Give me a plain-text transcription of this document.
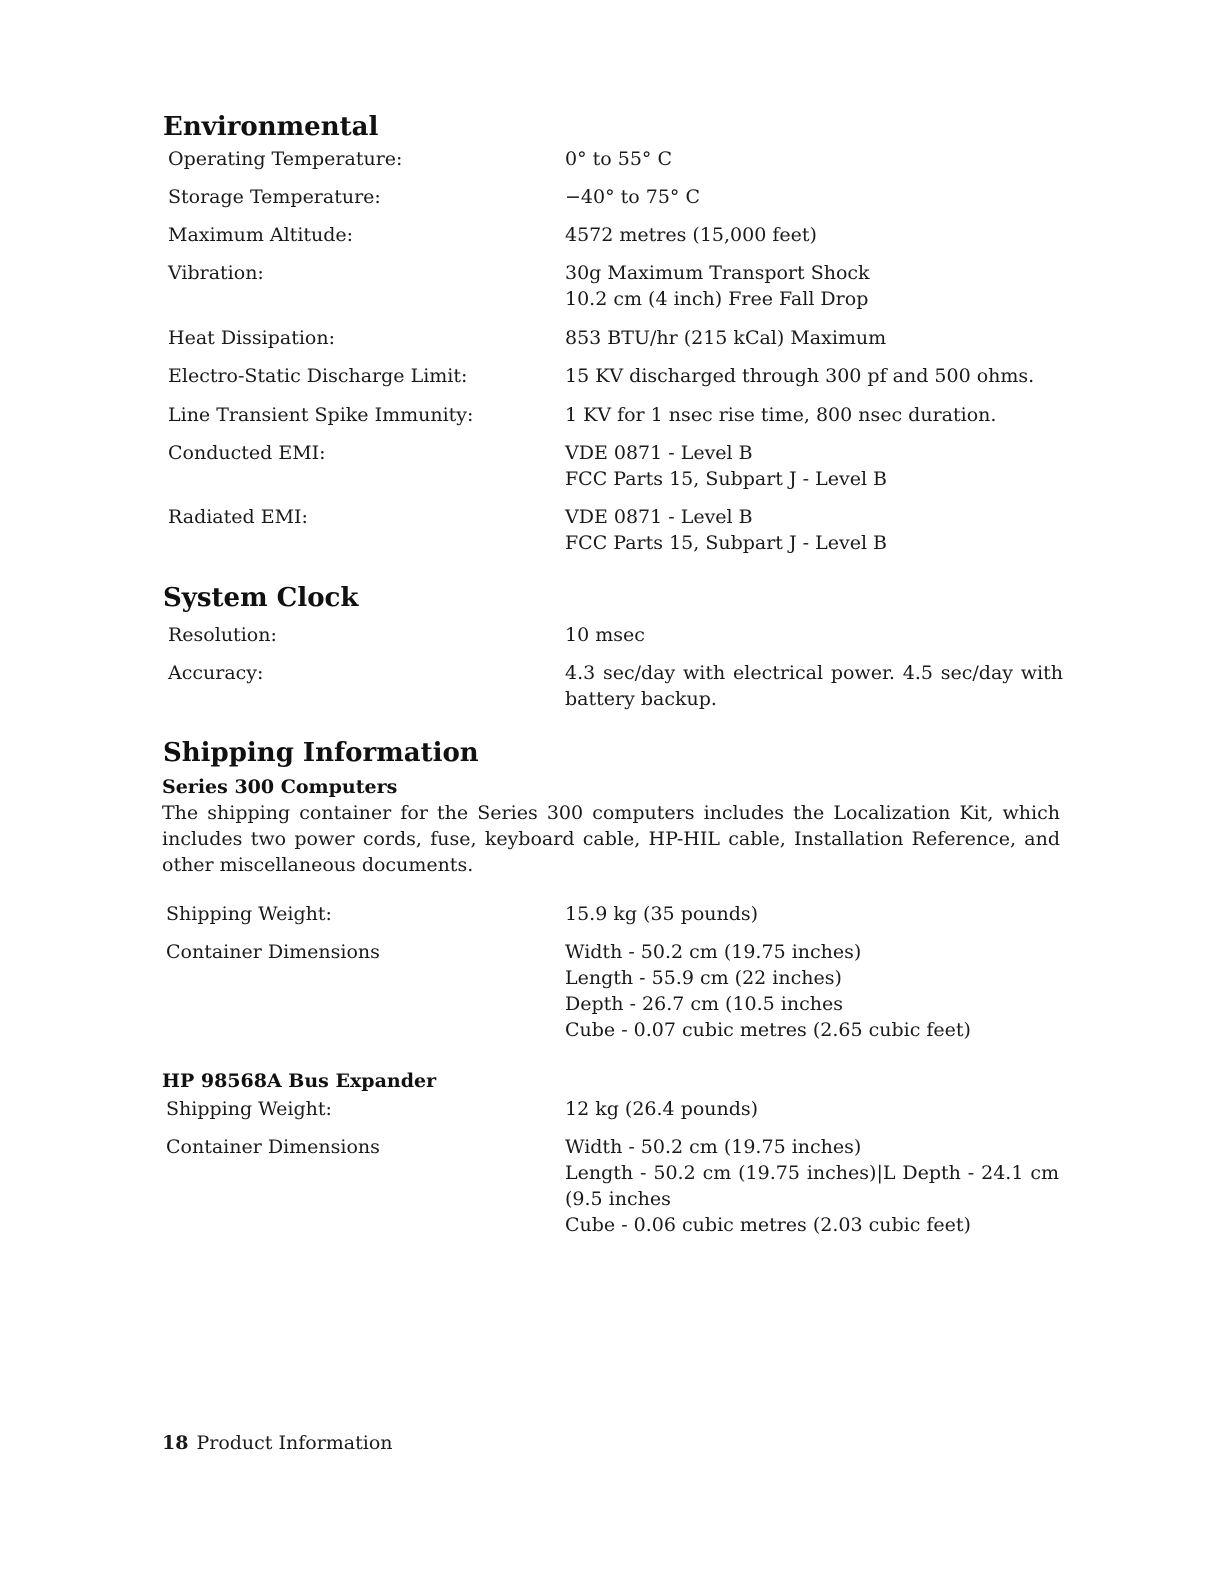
Environmental
Operating Temperature:	0° to 55° C
Storage Temperature:	−40° to 75° C
Maximum Altitude:	4572 metres (15,000 feet)
Vibration:	30g Maximum Transport Shock
10.2 cm (4 inch) Free Fall Drop
Heat Dissipation:	853 BTU/hr (215 kCal) Maximum
Electro-Static Discharge Limit:	15 KV discharged through 300 pf and 500 ohms.
Line Transient Spike Immunity:	1 KV for 1 nsec rise time, 800 nsec duration.
Conducted EMI:	VDE 0871 - Level B
FCC Parts 15, Subpart J - Level B
Radiated EMI:	VDE 0871 - Level B
FCC Parts 15, Subpart J - Level B
System Clock
Resolution:	10 msec
Accuracy:	4.3 sec/day with electrical power. 4.5 sec/day with battery backup.
Shipping Information
Series 300 Computers
The shipping container for the Series 300 computers includes the Localization Kit, which includes two power cords, fuse, keyboard cable, HP-HIL cable, Installation Reference, and other miscellaneous documents.
Shipping Weight:	15.9 kg (35 pounds)
Container Dimensions	Width - 50.2 cm (19.75 inches)
Length - 55.9 cm (22 inches)
Depth - 26.7 cm (10.5 inches
Cube - 0.07 cubic metres (2.65 cubic feet)
HP 98568A Bus Expander
Shipping Weight:	12 kg (26.4 pounds)
Container Dimensions	Width - 50.2 cm (19.75 inches)
Length - 50.2 cm (19.75 inches)|L Depth - 24.1 cm (9.5 inches
Cube - 0.06 cubic metres (2.03 cubic feet)
18 Product Information
